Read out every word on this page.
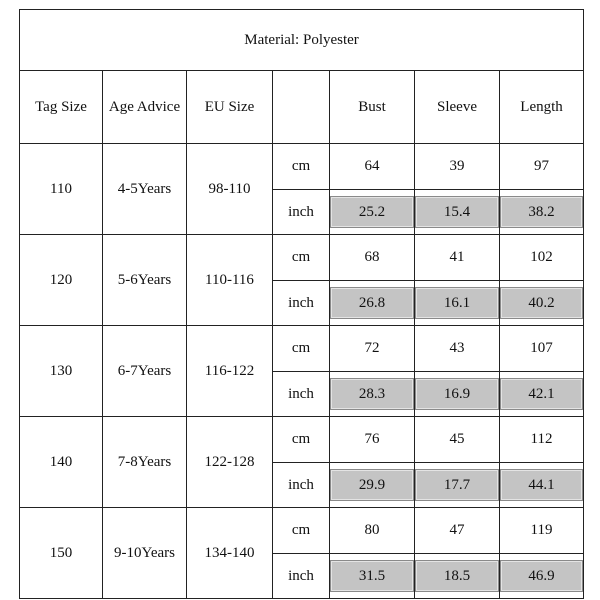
Material: Polyester						
Tag Size	Age Advice	EU Size		Bust	Sleeve	Length
110	4-5Years	98-110	cm	64	39	97
			inch	25.2	15.4	38.2

120	5-6Years	110-116	cm	68	41	102
			inch	26.8	16.1	40.2

130	6-7Years	116-122	cm	72	43	107
			inch	28.3	16.9	42.1

140	7-8Years	122-128	cm	76	45	112
			inch	29.9	17.7	44.1

150	9-10Years	134-140	cm	80	47	119
			inch	31.5	18.5	46.9
